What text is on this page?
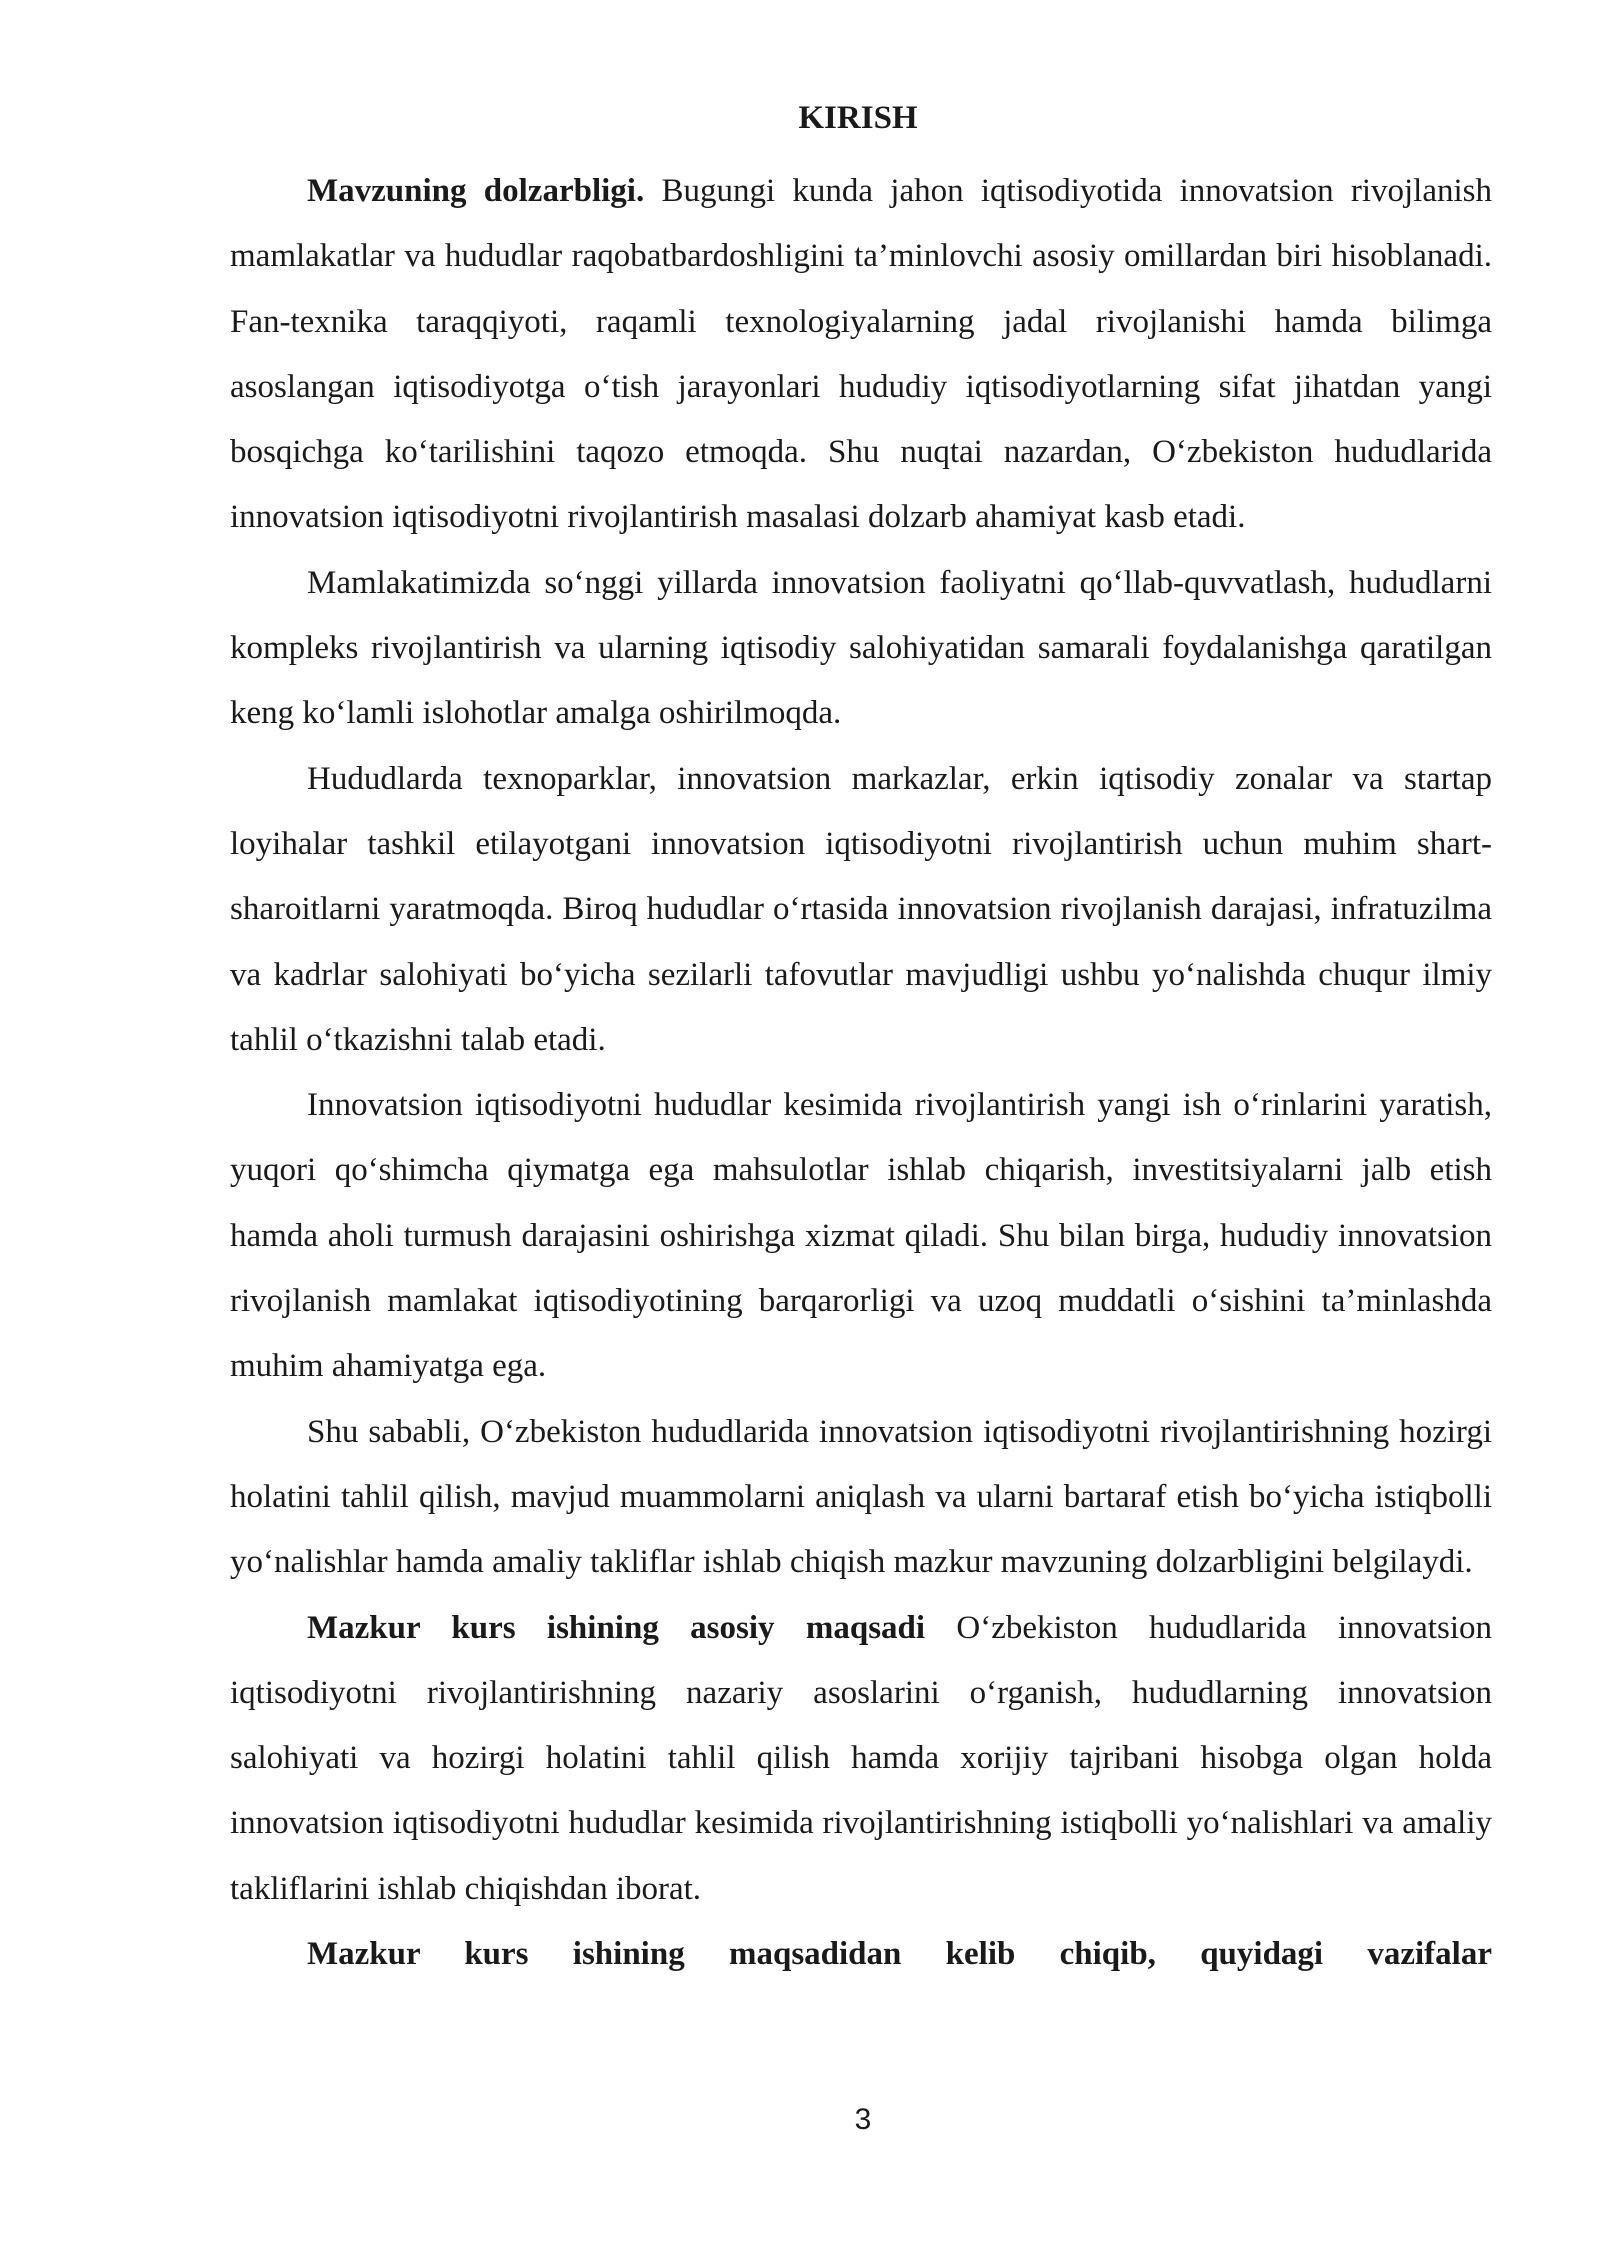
KIRISH

Mavzuning dolzarbligi. Bugungi kunda jahon iqtisodiyotida innovatsion rivojlanish mamlakatlar va hududlar raqobatbardoshligini ta’minlovchi asosiy omillardan biri hisoblanadi. Fan-texnika taraqqiyoti, raqamli texnologiyalarning jadal rivojlanishi hamda bilimga asoslangan iqtisodiyotga o‘tish jarayonlari hududiy iqtisodiyotlarning sifat jihatdan yangi bosqichga ko‘tarilishini taqozo etmoqda. Shu nuqtai nazardan, O‘zbekiston hududlarida innovatsion iqtisodiyotni rivojlantirish masalasi dolzarb ahamiyat kasb etadi.

Mamlakatimizda so‘nggi yillarda innovatsion faoliyatni qo‘llab-quvvatlash, hududlarni kompleks rivojlantirish va ularning iqtisodiy salohiyatidan samarali foydalanishga qaratilgan keng ko‘lamli islohotlar amalga oshirilmoqda.

Hududlarda texnoparklar, innovatsion markazlar, erkin iqtisodiy zonalar va startap loyihalar tashkil etilayotgani innovatsion iqtisodiyotni rivojlantirish uchun muhim shart-sharoitlarni yaratmoqda. Biroq hududlar o‘rtasida innovatsion rivojlanish darajasi, infratuzilma va kadrlar salohiyati bo‘yicha sezilarli tafovutlar mavjudligi ushbu yo‘nalishda chuqur ilmiy tahlil o‘tkazishni talab etadi.

Innovatsion iqtisodiyotni hududlar kesimida rivojlantirish yangi ish o‘rinlarini yaratish, yuqori qo‘shimcha qiymatga ega mahsulotlar ishlab chiqarish, investitsiyalarni jalb etish hamda aholi turmush darajasini oshirishga xizmat qiladi. Shu bilan birga, hududiy innovatsion rivojlanish mamlakat iqtisodiyotining barqarorligi va uzoq muddatli o‘sishini ta’minlashda muhim ahamiyatga ega.

Shu sababli, O‘zbekiston hududlarida innovatsion iqtisodiyotni rivojlantirishning hozirgi holatini tahlil qilish, mavjud muammolarni aniqlash va ularni bartaraf etish bo‘yicha istiqbolli yo‘nalishlar hamda amaliy takliflar ishlab chiqish mazkur mavzuning dolzarbligini belgilaydi.

Mazkur kurs ishining asosiy maqsadi O‘zbekiston hududlarida innovatsion iqtisodiyotni rivojlantirishning nazariy asoslarini o‘rganish, hududlarning innovatsion salohiyati va hozirgi holatini tahlil qilish hamda xorijiy tajribani hisobga olgan holda innovatsion iqtisodiyotni hududlar kesimida rivojlantirishning istiqbolli yo‘nalishlari va amaliy takliflarini ishlab chiqishdan iborat.

Mazkur kurs ishining maqsadidan kelib chiqib, quyidagi vazifalar

3
